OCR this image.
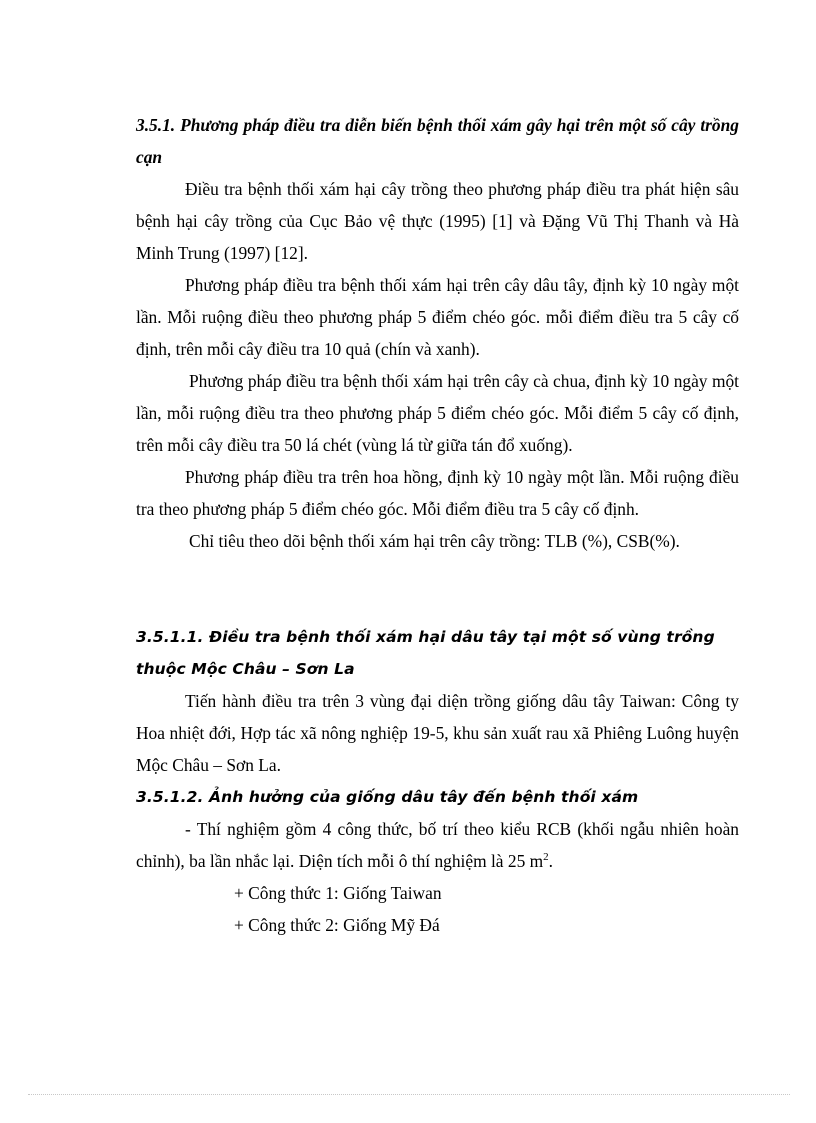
3.5.1. Phương pháp điều tra diễn biến bệnh thối xám gây hại trên một số cây trồng cạn

Điều tra bệnh thối xám hại cây trồng theo phương pháp điều tra phát hiện sâu bệnh hại cây trồng của Cục Bảo vệ thực (1995) [1] và Đặng Vũ Thị Thanh và Hà Minh Trung (1997) [12].

Phương pháp điều tra bệnh thối xám hại trên cây dâu tây, định kỳ 10 ngày một lần. Mỗi ruộng điều theo phương pháp 5 điểm chéo góc. mỗi điểm điều tra 5 cây cố định, trên mỗi cây điều tra 10 quả (chín và xanh).

Phương pháp điều tra bệnh thối xám hại trên cây cà chua, định kỳ 10 ngày một lần, mỗi ruộng điều tra theo phương pháp 5 điểm chéo góc. Mỗi điểm 5 cây cố định, trên mỗi cây điều tra 50 lá chét (vùng lá từ giữa tán đổ xuống).

Phương pháp điều tra trên hoa hồng, định kỳ 10 ngày một lần. Mỗi ruộng điều tra theo phương pháp 5 điểm chéo góc. Mỗi điểm điều tra 5 cây cố định.

Chỉ tiêu theo dõi bệnh thối xám hại trên cây trồng: TLB (%), CSB(%).

3.5.1.1. Điều tra bệnh thối xám hại dâu tây tại một số vùng trồng thuộc Mộc Châu – Sơn La

Tiến hành điều tra trên 3 vùng đại diện trồng giống dâu tây Taiwan: Công ty Hoa nhiệt đới, Hợp tác xã nông nghiệp 19-5, khu sản xuất rau xã Phiêng Luông huyện Mộc Châu – Sơn La.

3.5.1.2. Ảnh hưởng của giống dâu tây đến bệnh thối xám

- Thí nghiệm gồm 4 công thức, bố trí theo kiểu RCB (khối ngẫu nhiên hoàn chỉnh), ba lần nhắc lại. Diện tích mỗi ô thí nghiệm là 25 $m^2$.

+ Công thức 1: Giống Taiwan

+ Công thức 2: Giống Mỹ Đá
